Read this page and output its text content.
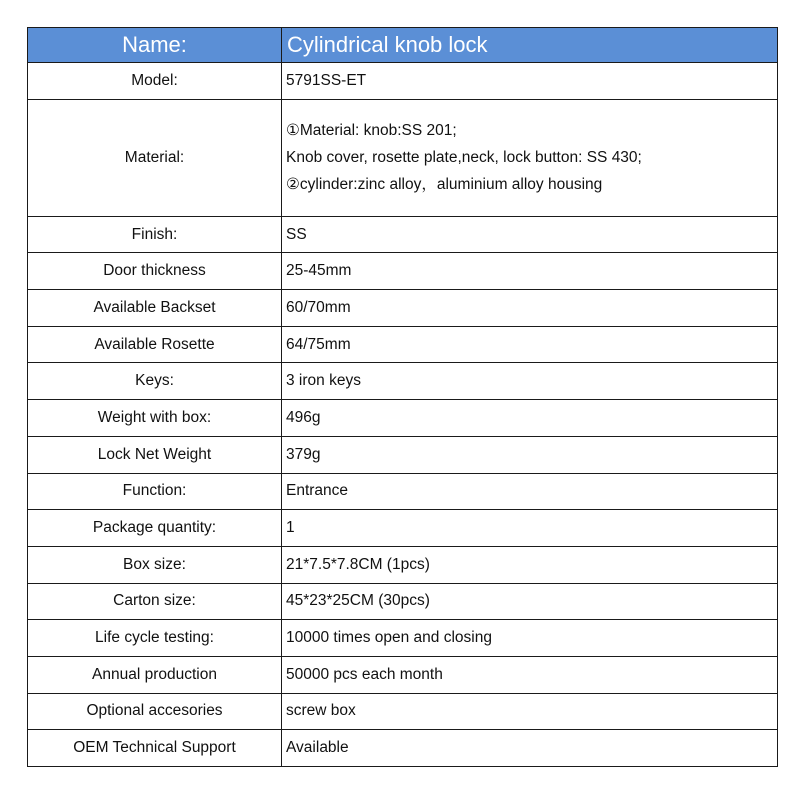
Name:	Cylindrical knob lock
Model:	5791SS-ET
Material:	①Material: knob:SS 201;
Knob cover, rosette plate,neck, lock button: SS 430;
②cylinder:zinc alloy，aluminium alloy housing

Finish:	SS
Door thickness	25-45mm
Available Backset	60/70mm
Available Rosette	64/75mm
Keys:	3 iron keys
Weight with box:	496g
Lock Net Weight	379g
Function:	Entrance
Package quantity:	1
Box size:	21*7.5*7.8CM (1pcs)
Carton size:	45*23*25CM (30pcs)
Life cycle testing:	10000 times open and closing
Annual production	50000 pcs each month
Optional accesories	screw box
OEM Technical Support	Available
